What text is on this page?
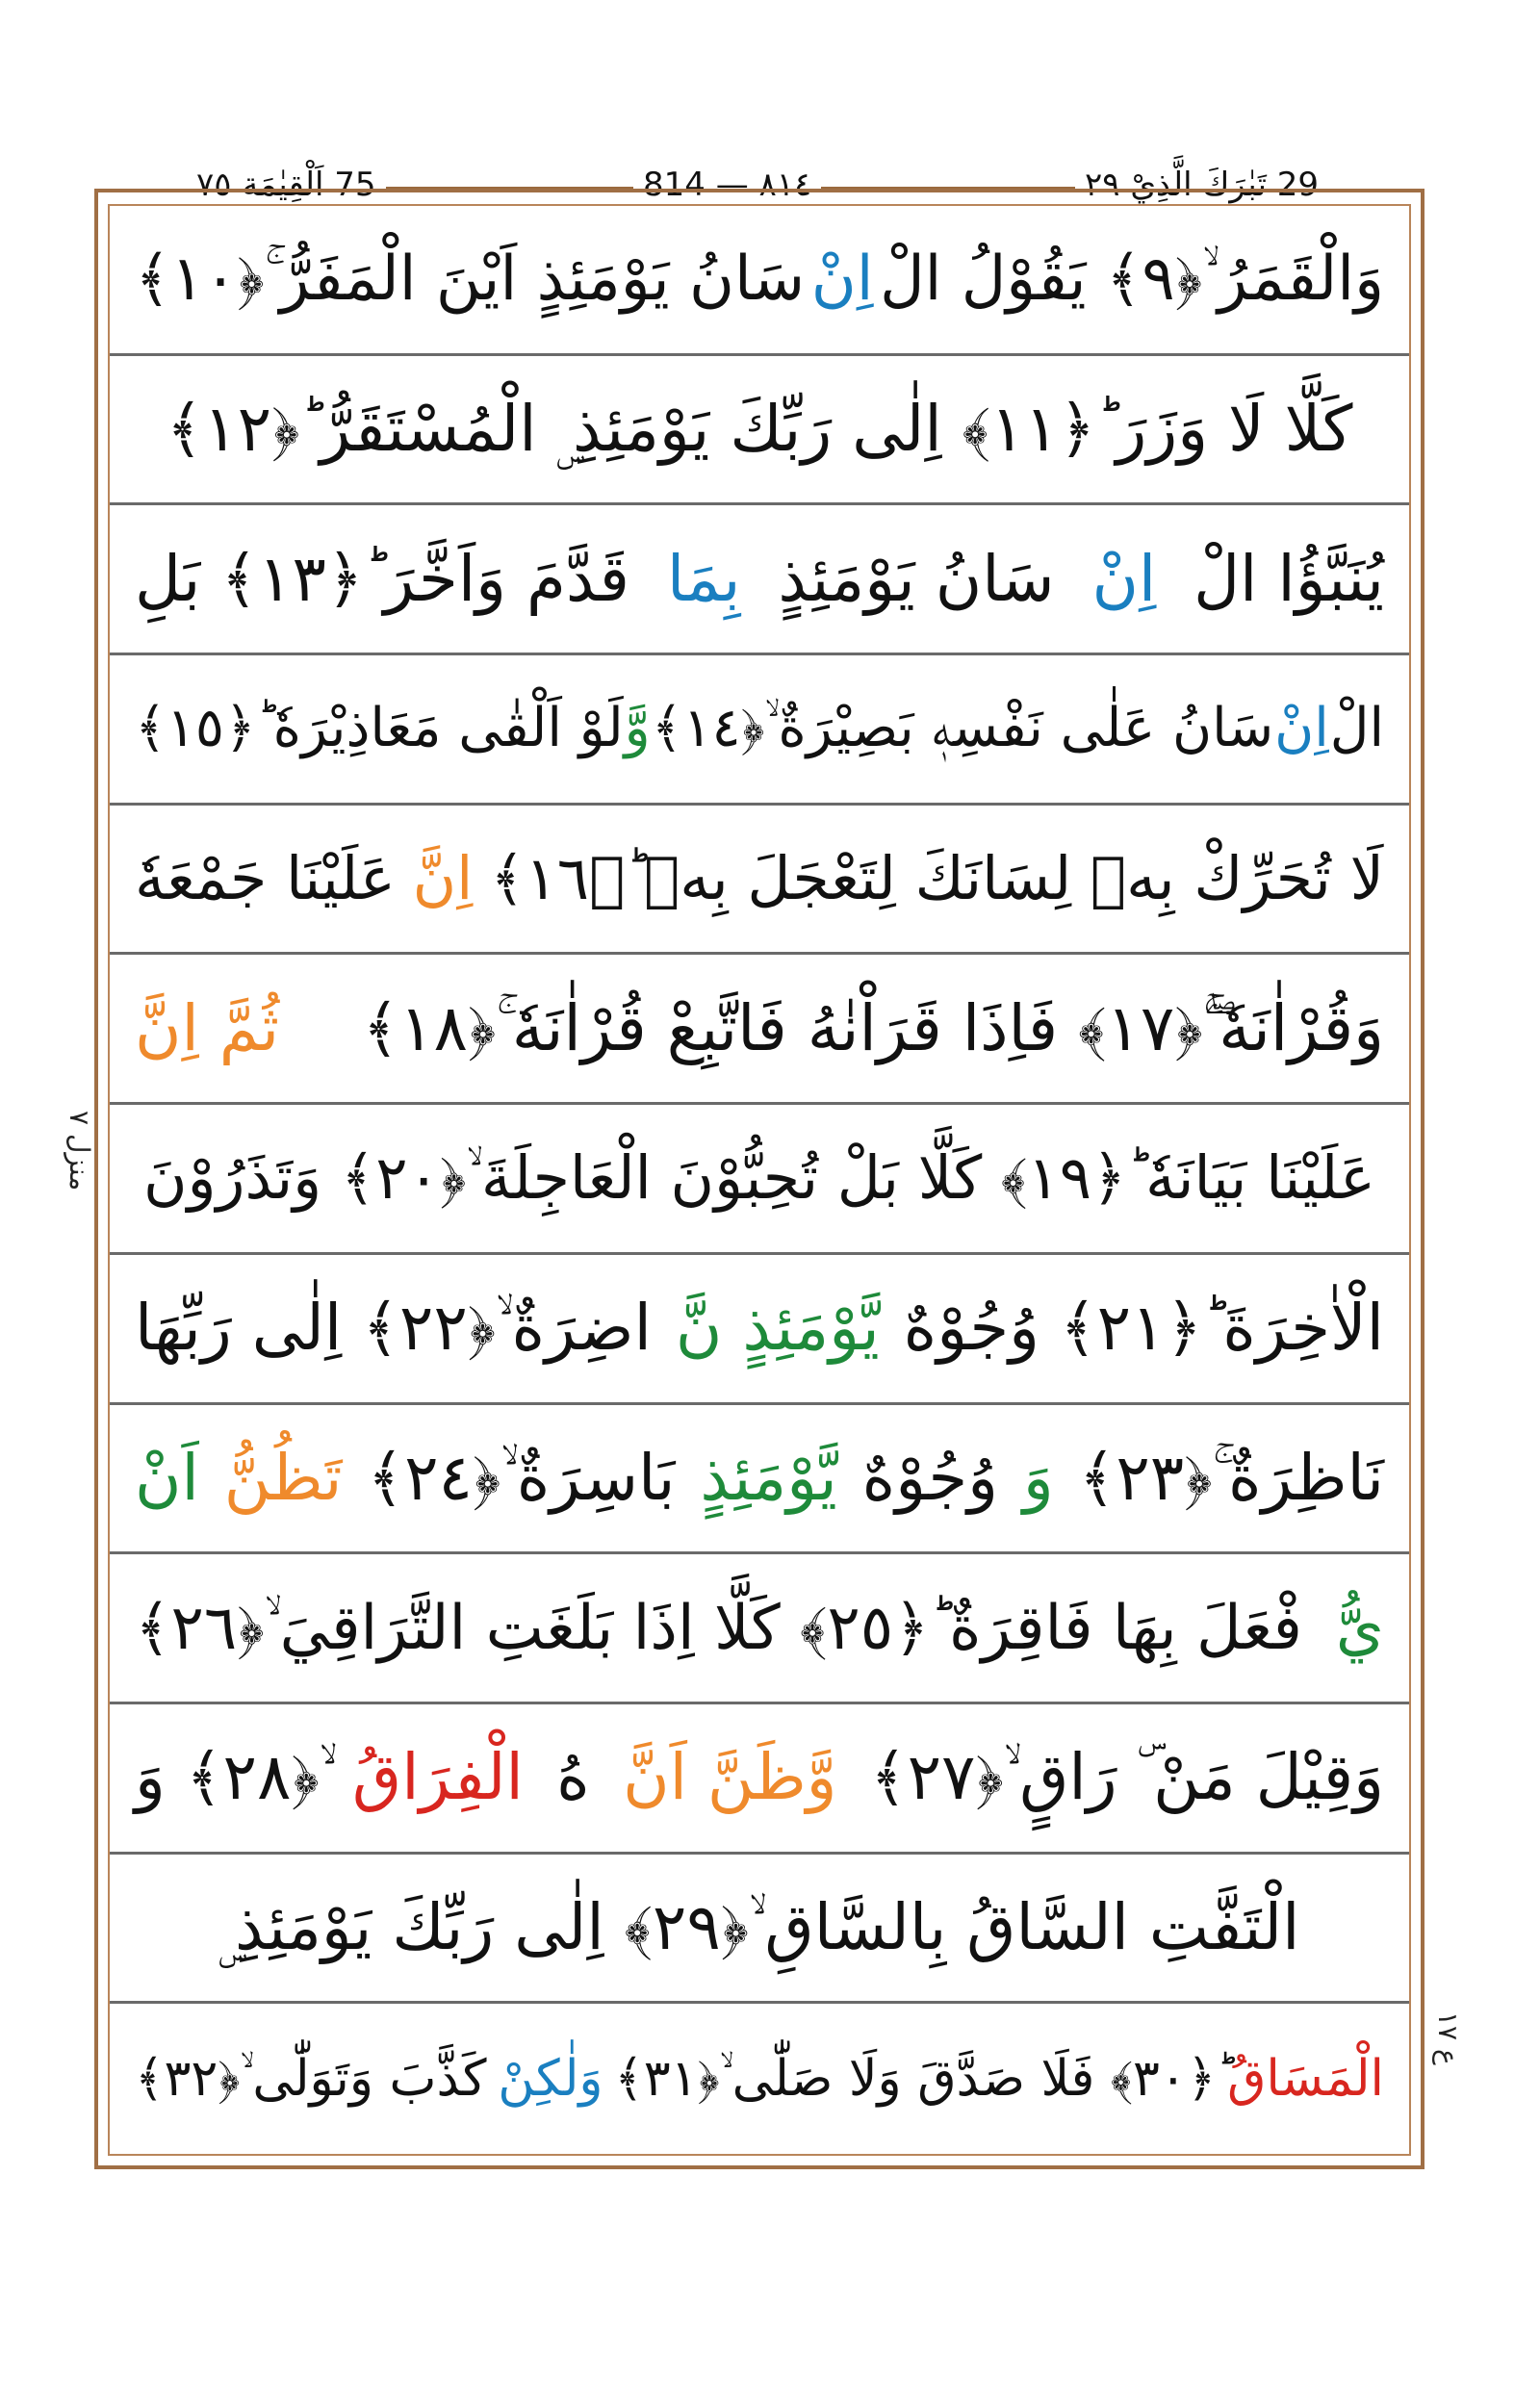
75 اَلْقِيٰمَة ٧٥	٨١٤ — 814	29 تَبٰرَكَ الَّذِيْ ٢٩
منزل ٧
ع ١٧
وَالْقَمَرُ ۙ﴿٩﴾ يَقُوْلُ الْ
اِنْ
سَانُ يَوْمَئِذٍ اَيْنَ الْمَفَرُّ ۚ﴿١٠﴾
كَلَّا لَا وَزَرَ ؕ﴿١١﴾ اِلٰى رَبِّكَ يَوْمَئِذِ ۣ الْمُسْتَقَرُّ ؕ﴿١٢﴾
يُنَبَّؤُا الْ
اِنْ
سَانُ يَوْمَئِذٍ
بِمَا
قَدَّمَ وَاَخَّرَ ؕ﴿١٣﴾ بَلِ
الْ
اِنْ
سَانُ عَلٰى نَفْسِهٖ بَصِيْرَةٌ ۙ﴿١٤﴾
وَّ
لَوْ اَلْقٰى مَعَاذِيْرَهٗ ؕ﴿١٥﴾
لَا تُحَرِّكْ بِهٖ لِسَانَكَ لِتَعْجَلَ بِهٖ ؕ﴿١٦﴾
اِنَّ
عَلَيْنَا جَمْعَهٗ
وَقُرْاٰنَهٗ ۚۖ﴿١٧﴾ فَاِذَا قَرَاْنٰهُ فَاتَّبِعْ قُرْاٰنَهٗ ۚ﴿١٨﴾
ثُمَّ اِنَّ
عَلَيْنَا بَيَانَهٗ ؕ﴿١٩﴾ كَلَّا بَلْ تُحِبُّوْنَ الْعَاجِلَةَ ۙ﴿٢٠﴾ وَتَذَرُوْنَ
الْاٰخِرَةَ ؕ﴿٢١﴾ وُجُوْهٌ
يَّوْمَئِذٍ نَّ
اضِرَةٌ ۙ﴿٢٢﴾ اِلٰى رَبِّهَا
نَاظِرَةٌ ۚ﴿٢٣﴾
وَ
وُجُوْهٌ
يَّوْمَئِذٍ
بَاسِرَةٌ ۙ﴿٢٤﴾
تَظُنُّ
اَنْ
يُّ
فْعَلَ بِهَا فَاقِرَةٌ ؕ﴿٢٥﴾ كَلَّا اِذَا بَلَغَتِ التَّرَاقِيَ ۙ﴿٢٦﴾
وَقِيْلَ مَنْ ۜ رَاقٍ ۙ﴿٢٧﴾
وَّظَنَّ اَنَّ
هُ
الْفِرَاقُ
ۙ﴿٢٨﴾ وَ
الْتَفَّتِ السَّاقُ بِالسَّاقِ ۙ﴿٢٩﴾ اِلٰى رَبِّكَ يَوْمَئِذِ ۣ
الْمَسَاقُ
ؕ﴿٣٠﴾ فَلَا صَدَّقَ وَلَا صَلّٰى ۙ﴿٣١﴾
وَلٰكِنْ
كَذَّبَ وَتَوَلّٰى ۙ﴿٣٢﴾
